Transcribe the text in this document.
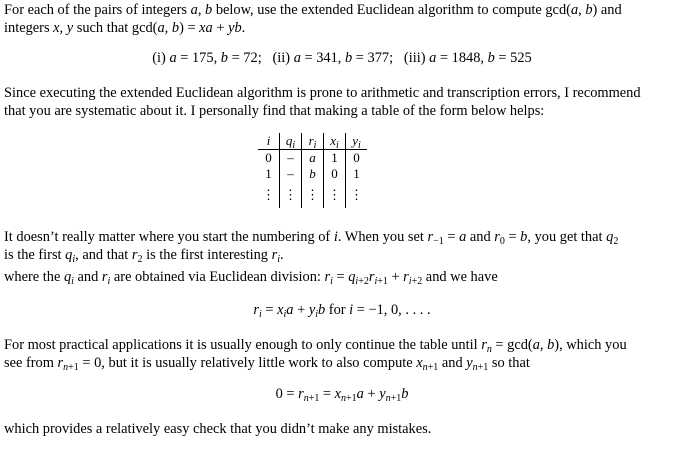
For each of the pairs of integers a, b below, use the extended Euclidean algorithm to compute gcd(a, b) and
integers x, y such that gcd(a, b) = xa + yb.

(i) a = 175, b = 72; (ii) a = 341, b = 377; (iii) a = 1848, b = 525

Since executing the extended Euclidean algorithm is prone to arithmetic and transcription errors, I recommend
that you are systematic about it. I personally find that making a table of the form below helps:

i	$q_i$	$r_i$	$x_i$	$y_i$
0	–	a	1	0
1	–	b	0	1
⋮	⋮	⋮	⋮	⋮

It doesn’t really matter where you start the numbering of i. When you set $r_{-1} = a$ and $r_0 = b$, you get that $q_2$
is the first $q_i$, and that $r_2$ is the first interesting $r_i$.

where the $q_i$ and $r_i$ are obtained via Euclidean division: $r_i = q_{i+2}r_{i+1} + r_{i+2}$ and we have

$r_i = x_ia + y_ib$ for i = −1, 0, . . . .

For most practical applications it is usually enough to only continue the table until $r_n = \gcd(a$, b), which you
see from $r_{n+1} = 0$, but it is usually relatively little work to also compute $x_{n+1}$ and $y_{n+1}$ so that

$0 = r_{n+1} = x_{n+1}a + y_{n+1}b$

which provides a relatively easy check that you didn’t make any mistakes.
